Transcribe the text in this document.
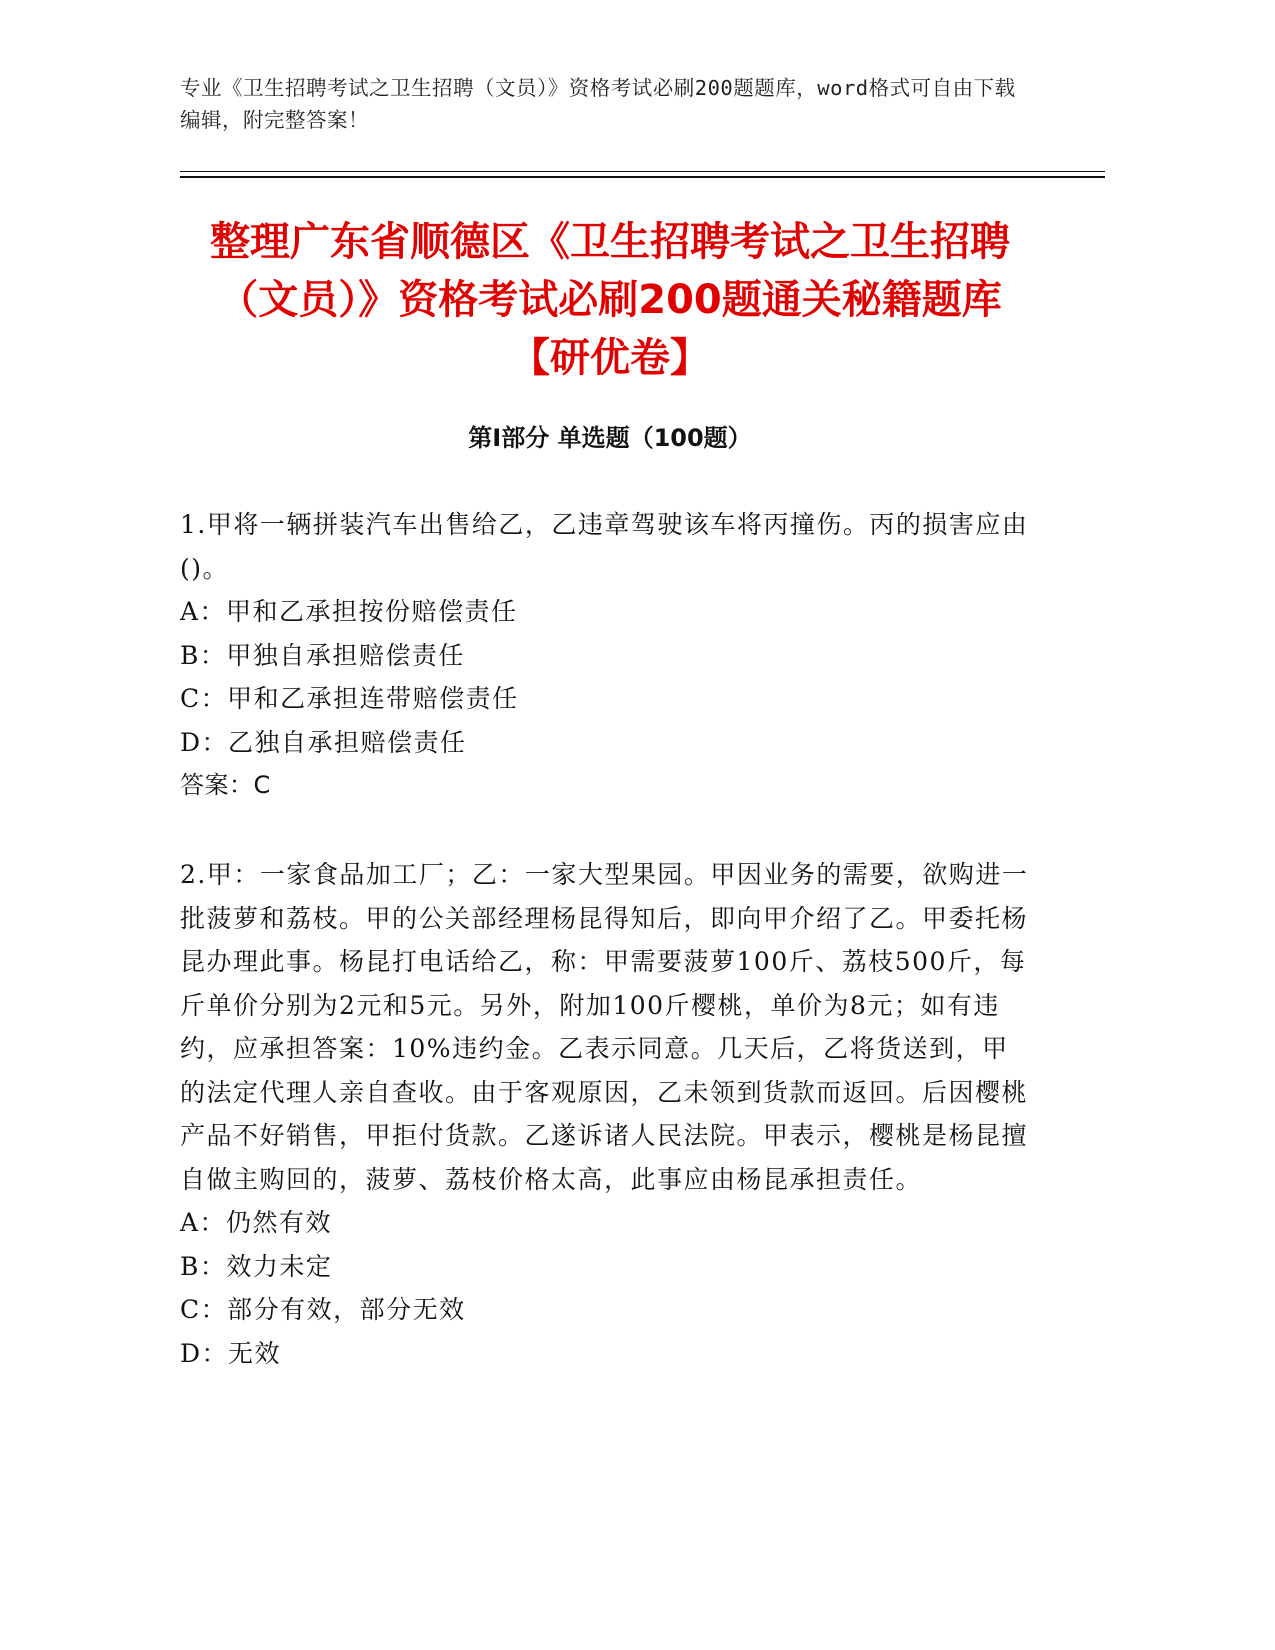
专业《卫生招聘考试之卫生招聘（文员）》资格考试必刷200题题库，word格式可自由下载编辑，附完整答案！
整理广东省顺德区《卫生招聘考试之卫生招聘（文员）》资格考试必刷200题通关秘籍题库【研优卷】
第I部分 单选题（100题）

1.甲将一辆拼装汽车出售给乙，乙违章驾驶该车将丙撞伤。丙的损害应由()。

A：甲和乙承担按份赔偿责任

B：甲独自承担赔偿责任

C：甲和乙承担连带赔偿责任

D：乙独自承担赔偿责任

答案：C

2.甲：一家食品加工厂；乙：一家大型果园。甲因业务的需要，欲购进一批菠萝和荔枝。甲的公关部经理杨昆得知后，即向甲介绍了乙。甲委托杨昆办理此事。杨昆打电话给乙，称：甲需要菠萝100斤、荔枝500斤，每斤单价分别为2元和5元。另外，附加100斤樱桃，单价为8元；如有违约，应承担答案：10%违约金。乙表示同意。几天后，乙将货送到，甲的法定代理人亲自查收。由于客观原因，乙未领到货款而返回。后因樱桃产品不好销售，甲拒付货款。乙遂诉诸人民法院。甲表示，樱桃是杨昆擅自做主购回的，菠萝、荔枝价格太高，此事应由杨昆承担责任。

A：仍然有效

B：效力未定

C：部分有效，部分无效

D：无效
